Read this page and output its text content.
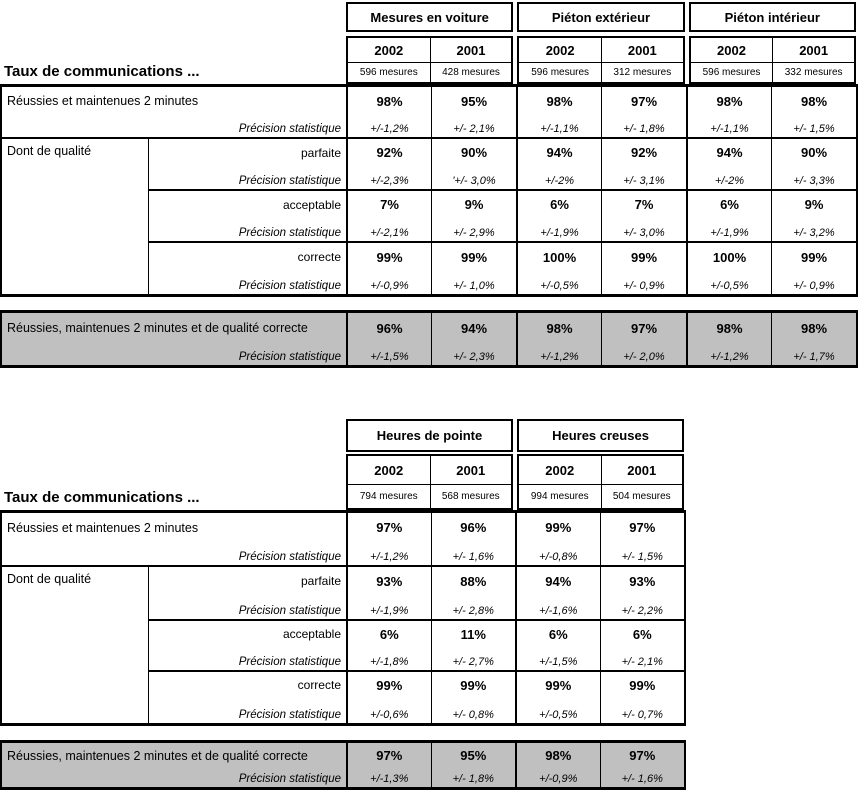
Mesures en voiture	Piéton extérieur	Piéton intérieur
2002	2001
596 mesures	428 mesures
2002	2001
596 mesures	312 mesures
2002	2001
596 mesures	332 mesures
Taux de communications ...
Réussies et maintenues 2 minutes	98%	95%	98%	97%	98%	98%
Précision statistique	+/-1,2%	+/- 2,1%	+/-1,1%	+/- 1,8%	+/-1,1%	+/- 1,5%
Dont de qualité	parfaite	92%	90%	94%	92%	94%	90%
Précision statistique	+/-2,3%	'+/- 3,0%	+/-2%	+/- 3,1%	+/-2%	+/- 3,3%
acceptable	7%	9%	6%	7%	6%	9%
Précision statistique	+/-2,1%	+/- 2,9%	+/-1,9%	+/- 3,0%	+/-1,9%	+/- 3,2%
correcte	99%	99%	100%	99%	100%	99%
Précision statistique	+/-0,9%	+/- 1,0%	+/-0,5%	+/- 0,9%	+/-0,5%	+/- 0,9%
Réussies, maintenues 2 minutes et de qualité correcte	96%	94%	98%	97%	98%	98%
Précision statistique	+/-1,5%	+/- 2,3%	+/-1,2%	+/- 2,0%	+/-1,2%	+/- 1,7%
Heures de pointe	Heures creuses
2002	2001
794 mesures	568 mesures
2002	2001
994 mesures	504 mesures
Taux de communications ...
Réussies et maintenues 2 minutes	97%	96%	99%	97%
Précision statistique	+/-1,2%	+/- 1,6%	+/-0,8%	+/- 1,5%
Dont de qualité	parfaite	93%	88%	94%	93%
Précision statistique	+/-1,9%	+/- 2,8%	+/-1,6%	+/- 2,2%
acceptable	6%	11%	6%	6%
Précision statistique	+/-1,8%	+/- 2,7%	+/-1,5%	+/- 2,1%
correcte	99%	99%	99%	99%
Précision statistique	+/-0,6%	+/- 0,8%	+/-0,5%	+/- 0,7%
Réussies, maintenues 2 minutes et de qualité correcte	97%	95%	98%	97%
Précision statistique	+/-1,3%	+/- 1,8%	+/-0,9%	+/- 1,6%
